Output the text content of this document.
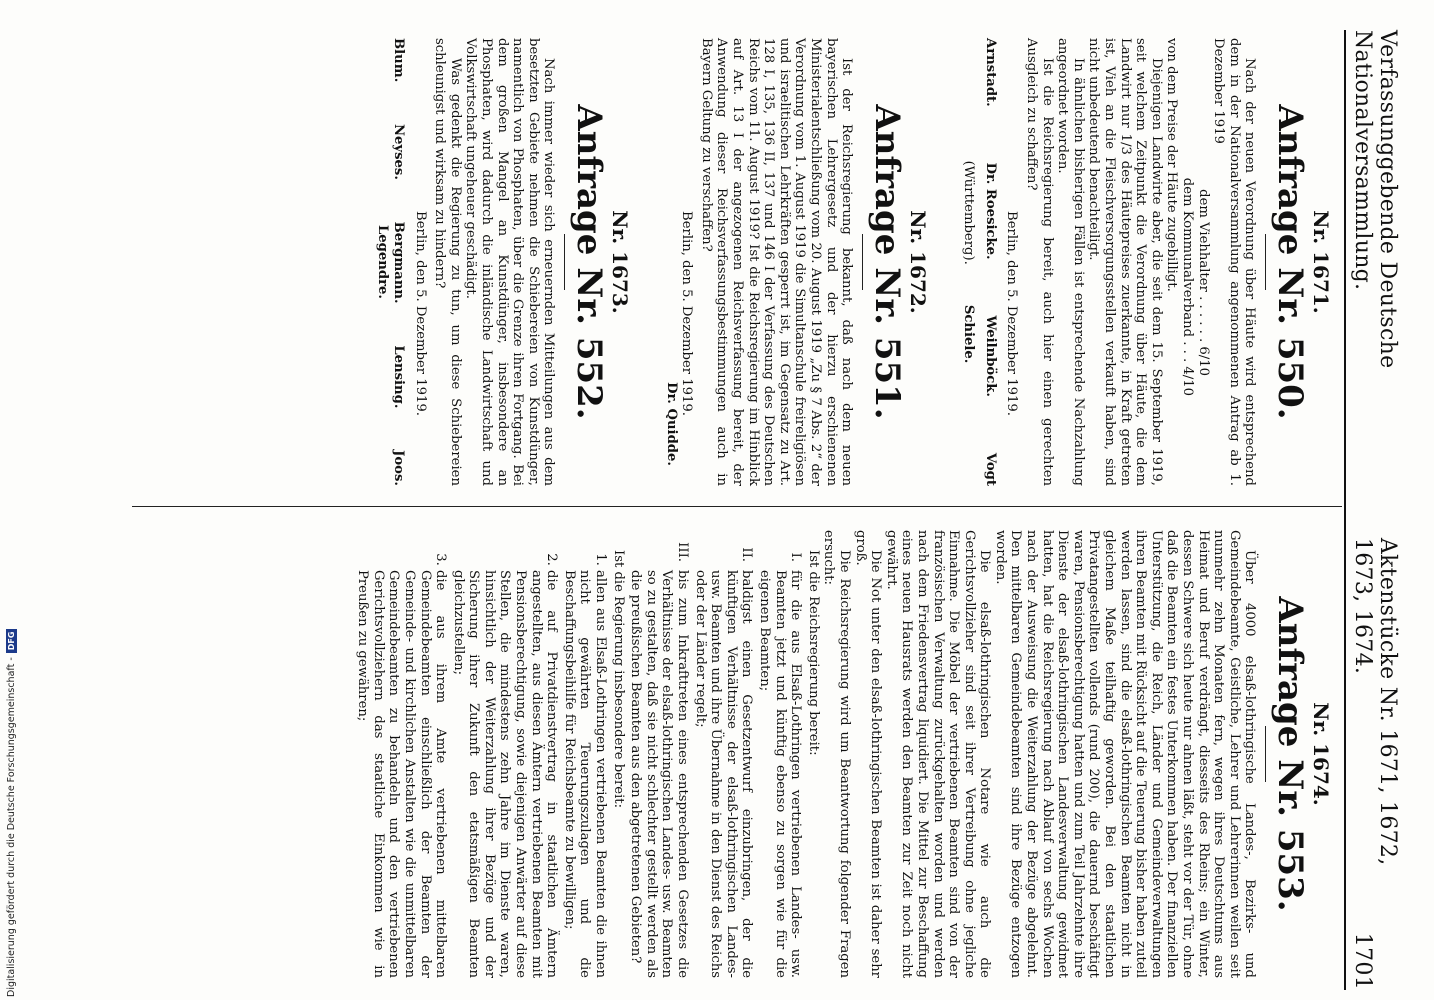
Verfassunggebende Deutsche Nationalversammlung.
Aktenstücke Nr. 1671, 1672, 1673, 1674.
1701
Nr. 1671.
Anfrage Nr. 550.

Nach der neuen Verordnung über Häute wird entsprechend dem in der Nationalversammlung angenommenen Antrag ab 1. Dezember 1919

dem Viehhalter . . . . . . 6/10

dem Kommunalverband . . . 4/10

von dem Preise der Häute zugebilligt.

Diejenigen Landwirte aber, die seit dem 15. September 1919, seit welchem Zeitpunkt die Verordnung über Häute, die dem Landwirt nur 1/3 des Häutepreises zuerkannte, in Kraft getreten ist, Vieh an die Fleischversorgungsstellen verkauft haben, sind nicht unbedeutend benachteiligt.

In ähnlichen bisherigen Fällen ist entsprechende Nachzahlung angeordnet worden.

Ist die Reichsregierung bereit, auch hier einen gerechten Ausgleich zu schaffen?

Berlin, den 5. Dezember 1919.
Arnstadt.
Dr. Roesicke.
Weilnböck.
Vogt
(Württemberg).
Schiele.
Nr. 1672.
Anfrage Nr. 551.

Ist der Reichsregierung bekannt, daß nach dem neuen bayerischen Lehrergesetz und der hierzu erschienenen Ministerialentschließung vom 20. August 1919 „Zu § 7 Abs. 2“ der Verordnung vom 1. August 1919 die Simultanschule freireligiösen und israelitischen Lehrkräften gesperrt ist, im Gegensatz zu Art. 128 I, 135, 136 II, 137 und 146 I der Verfassung des Deutschen Reichs vom 11. August 1919? Ist die Reichsregierung im Hinblick auf Art. 13 I der angezogenen Reichsverfassung bereit, der Anwendung dieser Reichsverfassungsbestimmungen auch in Bayern Geltung zu verschaffen?

Berlin, den 5. Dezember 1919.
Dr. Quidde.
Nr. 1673.
Anfrage Nr. 552.

Nach immer wieder sich erneuernden Mitteilungen aus dem besetzten Gebiete nehmen die Schiebereien von Kunstdünger, namentlich von Phosphaten, über die Grenze ihren Fortgang. Bei dem großen Mangel an Kunstdünger, insbesondere an Phosphaten, wird dadurch die inländische Landwirtschaft und Volkswirtschaft ungeheuer geschädigt.

Was gedenkt die Regierung zu tun, um diese Schiebereien schleunigst und wirksam zu hindern?

Berlin, den 5. Dezember 1919.
Blum.
Neyses.
Bergmann.
Lensing.
Joos.
Legendre.
Nr. 1674.
Anfrage Nr. 553.

Über 4000 elsaß-lothringische Landes-, Bezirks- und Gemeindebeamte, Geistliche, Lehrer und Lehrerinnen weilen seit nunmehr zehn Monaten fern, wegen ihres Deutschtums aus Heimat und Beruf verdrängt, diesseits des Rheins; ein Winter, dessen Schwere sich heute nur ahnen läßt, steht vor der Tür, ohne daß die Beamten ein festes Unterkommen haben. Der finanziellen Unterstützung, die Reich, Länder und Gemeindeverwaltungen ihren Beamten mit Rücksicht auf die Teuerung bisher haben zuteil werden lassen, sind die elsaß-lothringischen Beamten nicht in gleichem Maße teilhaftig geworden. Bei den staatlichen Privatangestellten vollends (rund 200), die dauernd beschäftigt waren, Pensionsberechtigung hatten und zum Teil Jahrzehnte ihre Dienste der elsaß-lothringischen Landesverwaltung gewidmet hatten, hat die Reichsregierung nach Ablauf von sechs Wochen nach der Ausweisung die Weiterzahlung der Bezüge abgelehnt. Den mittelbaren Gemeindebeamten sind ihre Bezüge entzogen worden.

Die elsaß-lothringischen Notare wie auch die Gerichtsvollzieher sind seit ihrer Vertreibung ohne jegliche Einnahme. Die Möbel der vertriebenen Beamten sind von der französischen Verwaltung zurückgehalten worden und werden nach dem Friedensvertrag liquidiert. Die Mittel zur Beschaffung eines neuen Hausrats werden den Beamten zur Zeit noch nicht gewährt.

Die Not unter den elsaß-lothringischen Beamten ist daher sehr groß.

Die Reichsregierung wird um Beantwortung folgender Fragen ersucht:

Ist die Reichsregierung bereit:

I.
für die aus Elsaß-Lothringen vertriebenen Landes- usw. Beamten jetzt und künftig ebenso zu sorgen wie für die eigenen Beamten;
II.
baldigst einen Gesetzentwurf einzubringen, der die künftigen Verhältnisse der elsaß-lothringischen Landes- usw. Beamten und ihre Übernahme in den Dienst des Reichs oder der Länder regelt;
III.
bis zum Inkrafttreten eines entsprechenden Gesetzes die Verhältnisse der elsaß-lothringischen Landes- usw. Beamten so zu gestalten, daß sie nicht schlechter gestellt werden als die preußischen Beamten aus den abgetretenen Gebieten?

Ist die Regierung insbesondere bereit:

1. allen aus Elsaß-Lothringen vertriebenen Beamten die ihnen nicht gewährten Teuerungszulagen und die Beschaffungsbeihilfe für Reichsbeamte zu bewilligen;
2. die auf Privatdienstvertrag in staatlichen Ämtern angestellten, aus diesen Ämtern vertriebenen Beamten mit Pensionsberechtigung, sowie diejenigen Anwärter auf diese Stellen, die mindestens zehn Jahre im Dienste waren, hinsichtlich der Weiterzahlung ihrer Bezüge und der Sicherung ihrer Zukunft den etatsmäßigen Beamten gleichzustellen;
3. die aus ihrem Amte vertriebenen mittelbaren Gemeindebeamten einschließlich der Beamten der Gemeinde- und kirchlichen Anstalten wie die unmittelbaren Gemeindebeamten zu behandeln und den vertriebenen Gerichtsvollziehern das staatliche Einkommen wie in Preußen zu gewähren;
Digitalisierung gefördert durch die Deutsche Forschungsgemeinschaft -
DFG
